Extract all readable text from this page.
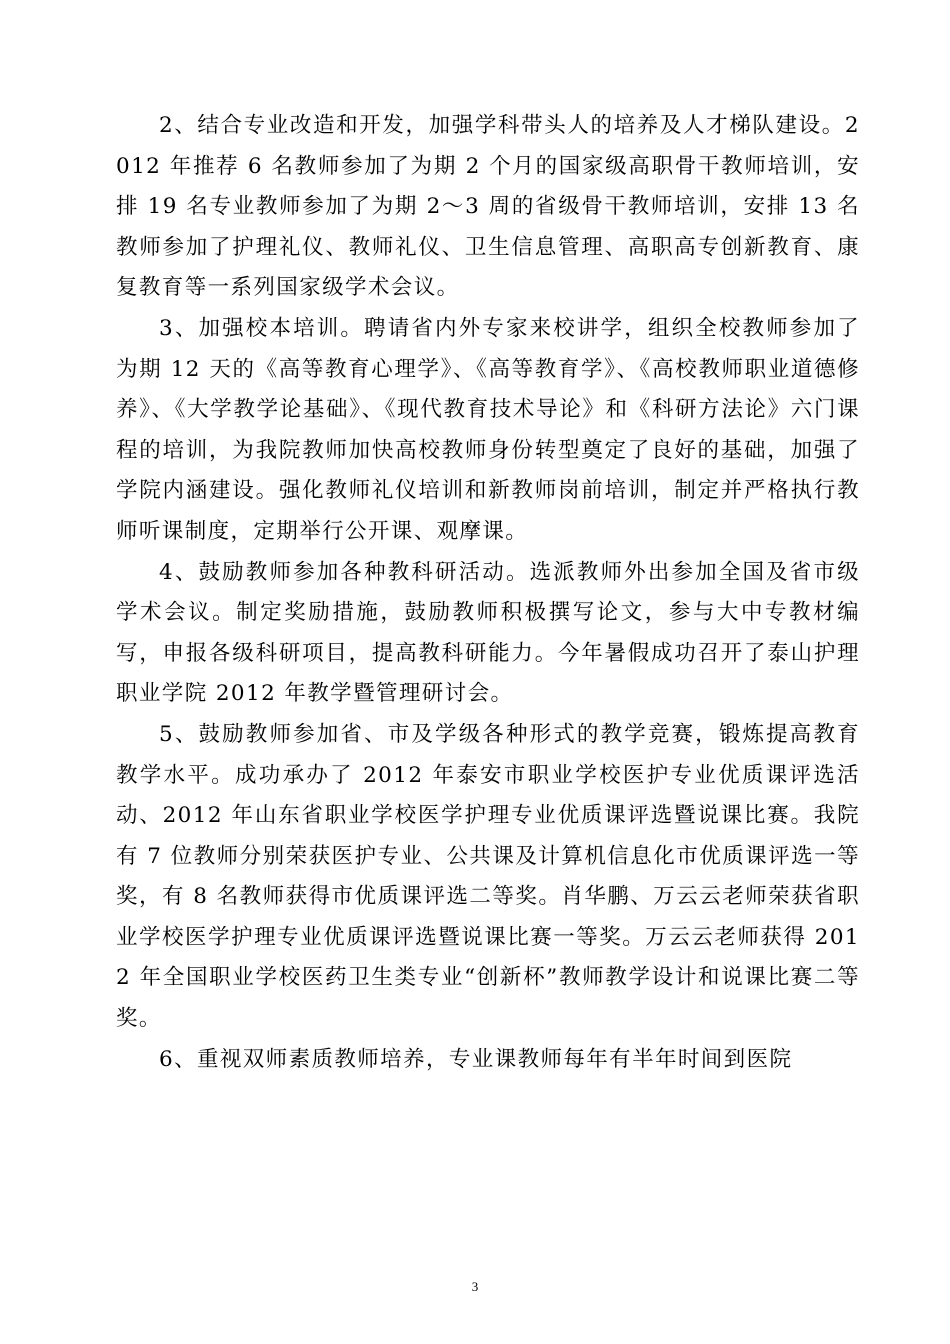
2、结合专业改造和开发，加强学科带头人的培养及人才梯队建设。2012 年推荐 6 名教师参加了为期 2 个月的国家级高职骨干教师培训，安排 19 名专业教师参加了为期 2～3 周的省级骨干教师培训，安排 13 名教师参加了护理礼仪、教师礼仪、卫生信息管理、高职高专创新教育、康复教育等一系列国家级学术会议。

3、加强校本培训。聘请省内外专家来校讲学，组织全校教师参加了为期 12 天的《高等教育心理学》、《高等教育学》、《高校教师职业道德修养》、《大学教学论基础》、《现代教育技术导论》和《科研方法论》六门课程的培训，为我院教师加快高校教师身份转型奠定了良好的基础，加强了学院内涵建设。强化教师礼仪培训和新教师岗前培训，制定并严格执行教师听课制度，定期举行公开课、观摩课。

4、鼓励教师参加各种教科研活动。选派教师外出参加全国及省市级学术会议。制定奖励措施，鼓励教师积极撰写论文，参与大中专教材编写，申报各级科研项目，提高教科研能力。今年暑假成功召开了泰山护理职业学院 2012 年教学暨管理研讨会。

5、鼓励教师参加省、市及学级各种形式的教学竞赛，锻炼提高教育教学水平。成功承办了 2012 年泰安市职业学校医护专业优质课评选活动、2012 年山东省职业学校医学护理专业优质课评选暨说课比赛。我院有 7 位教师分别荣获医护专业、公共课及计算机信息化市优质课评选一等奖，有 8 名教师获得市优质课评选二等奖。肖华鹏、万云云老师荣获省职业学校医学护理专业优质课评选暨说课比赛一等奖。万云云老师获得 2012 年全国职业学校医药卫生类专业“创新杯”教师教学设计和说课比赛二等奖。

6、重视双师素质教师培养，专业课教师每年有半年时间到医院

3
